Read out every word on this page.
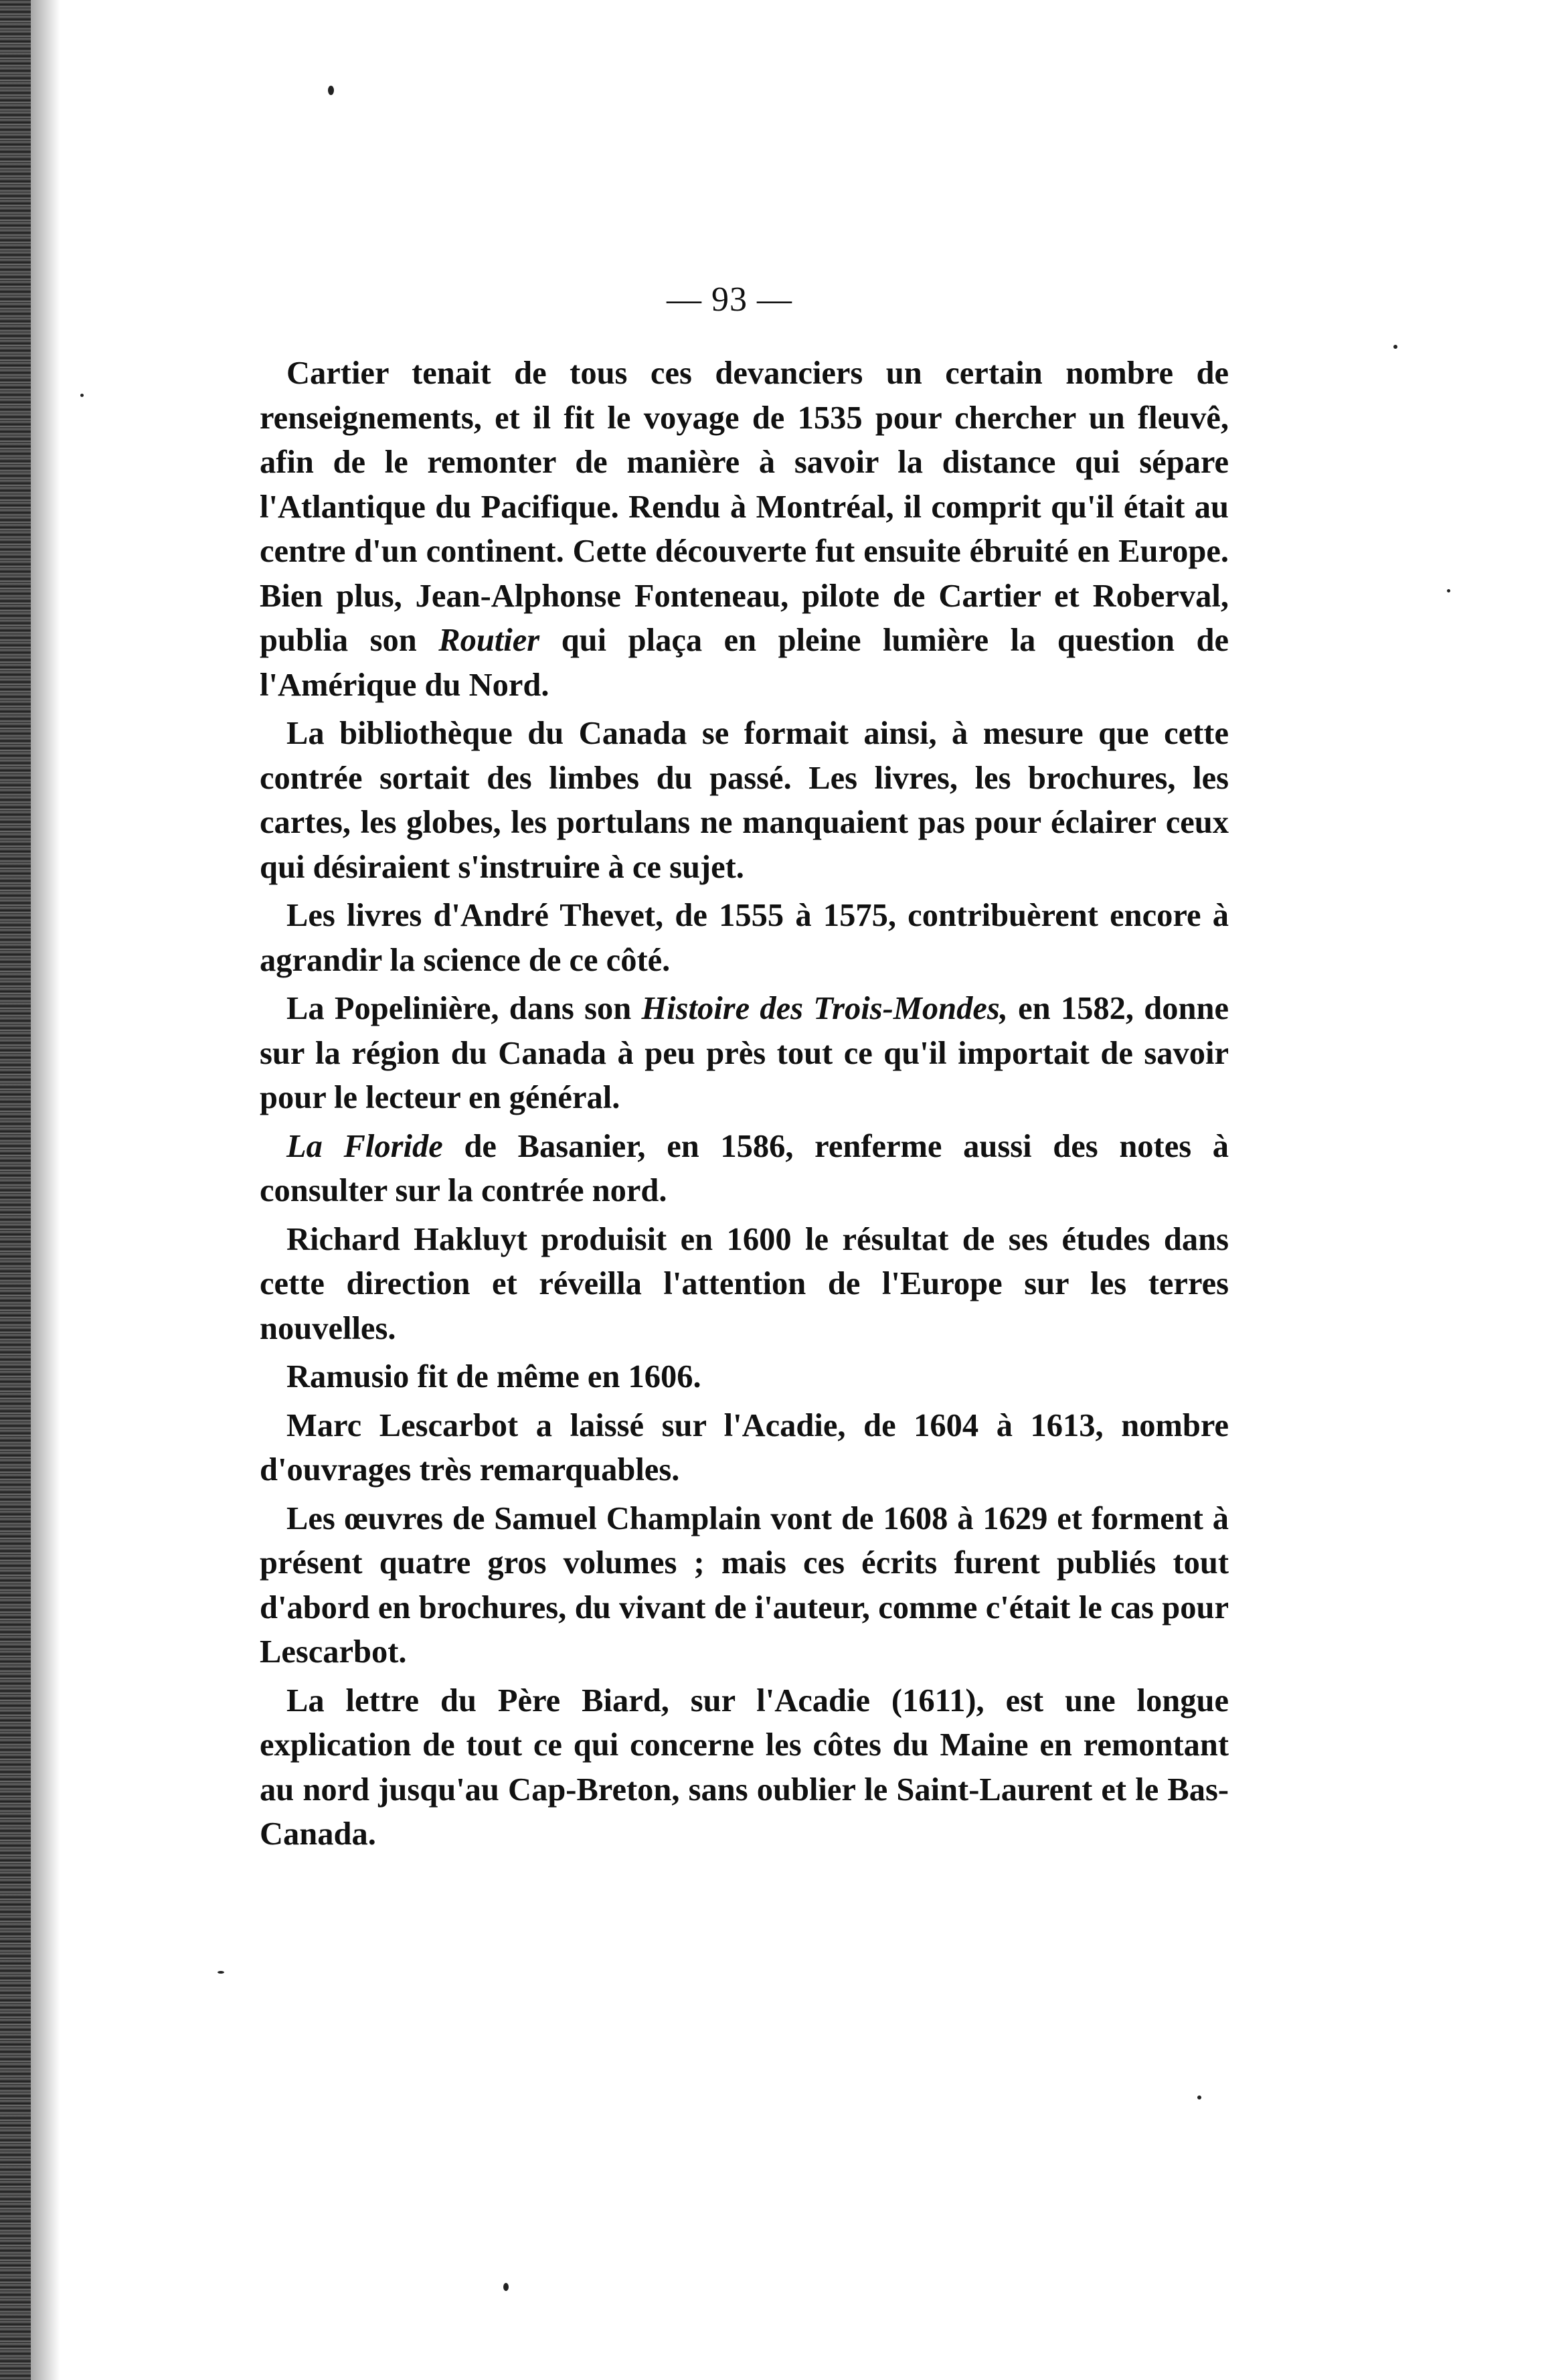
— 93 —

Cartier tenait de tous ces devanciers un certain nombre de renseignements, et il fit le voyage de 1535 pour chercher un fleuvê, afin de le remonter de manière à savoir la distance qui sépare l'Atlantique du Pacifique. Rendu à Montréal, il comprit qu'il était au centre d'un continent. Cette découverte fut ensuite ébruité en Europe. Bien plus, Jean-Alphonse Fonteneau, pilote de Cartier et Roberval, publia son Routier qui plaça en pleine lumière la question de l'Amérique du Nord.

La bibliothèque du Canada se formait ainsi, à mesure que cette contrée sortait des limbes du passé. Les livres, les brochures, les cartes, les globes, les portulans ne manquaient pas pour éclairer ceux qui désiraient s'instruire à ce sujet.

Les livres d'André Thevet, de 1555 à 1575, contribuèrent encore à agrandir la science de ce côté.

La Popelinière, dans son Histoire des Trois-Mondes, en 1582, donne sur la région du Canada à peu près tout ce qu'il importait de savoir pour le lecteur en général.

La Floride de Basanier, en 1586, renferme aussi des notes à consulter sur la contrée nord.

Richard Hakluyt produisit en 1600 le résultat de ses études dans cette direction et réveilla l'attention de l'Europe sur les terres nouvelles.

Ramusio fit de même en 1606.

Marc Lescarbot a laissé sur l'Acadie, de 1604 à 1613, nombre d'ouvrages très remarquables.

Les œuvres de Samuel Champlain vont de 1608 à 1629 et forment à présent quatre gros volumes ; mais ces écrits furent publiés tout d'abord en brochures, du vivant de i'auteur, comme c'était le cas pour Lescarbot.

La lettre du Père Biard, sur l'Acadie (1611), est une longue explication de tout ce qui concerne les côtes du Maine en remontant au nord jusqu'au Cap-Breton, sans oublier le Saint-Laurent et le Bas-Canada.
